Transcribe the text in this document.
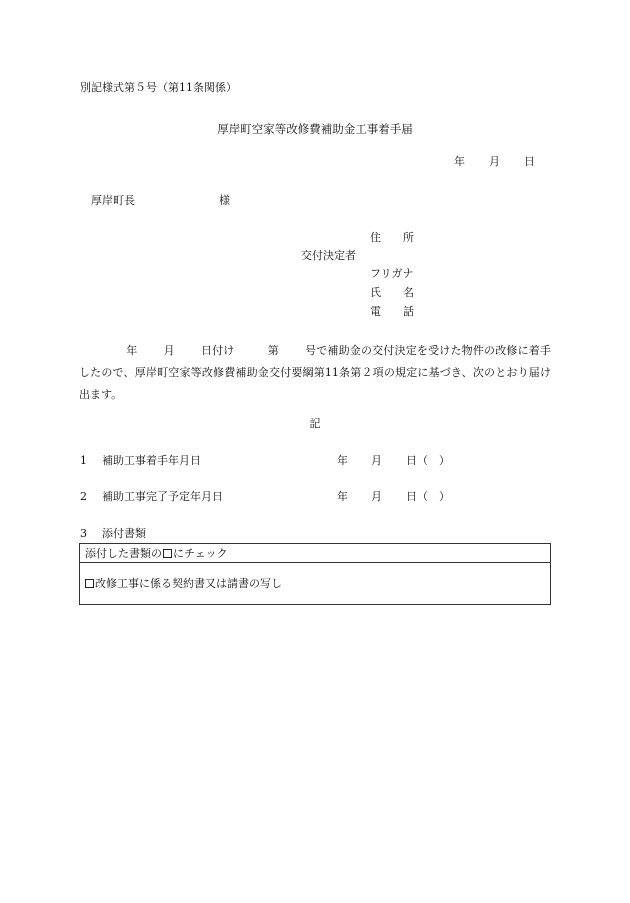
別記様式第５号（第11条関係）
厚岸町空家等改修費補助金工事着手届
年 月 日
厚岸町長	様
住　　所
交付決定者
フリガナ
氏　　名
電　　話
年 月 日付け	第 号で補助金の交付決定を受けた物件の改修に着手したので、厚岸町空家等改修費補助金交付要綱第11条第２項の規定に基づき、次のとおり届け出ます。
記
1 補助工事着手年月日	年 月 日（　）
2 補助工事完了予定年月日	年 月 日（　）
3 添付書類
添付した書類の にチェック
改修工事に係る契約書又は請書の写し
